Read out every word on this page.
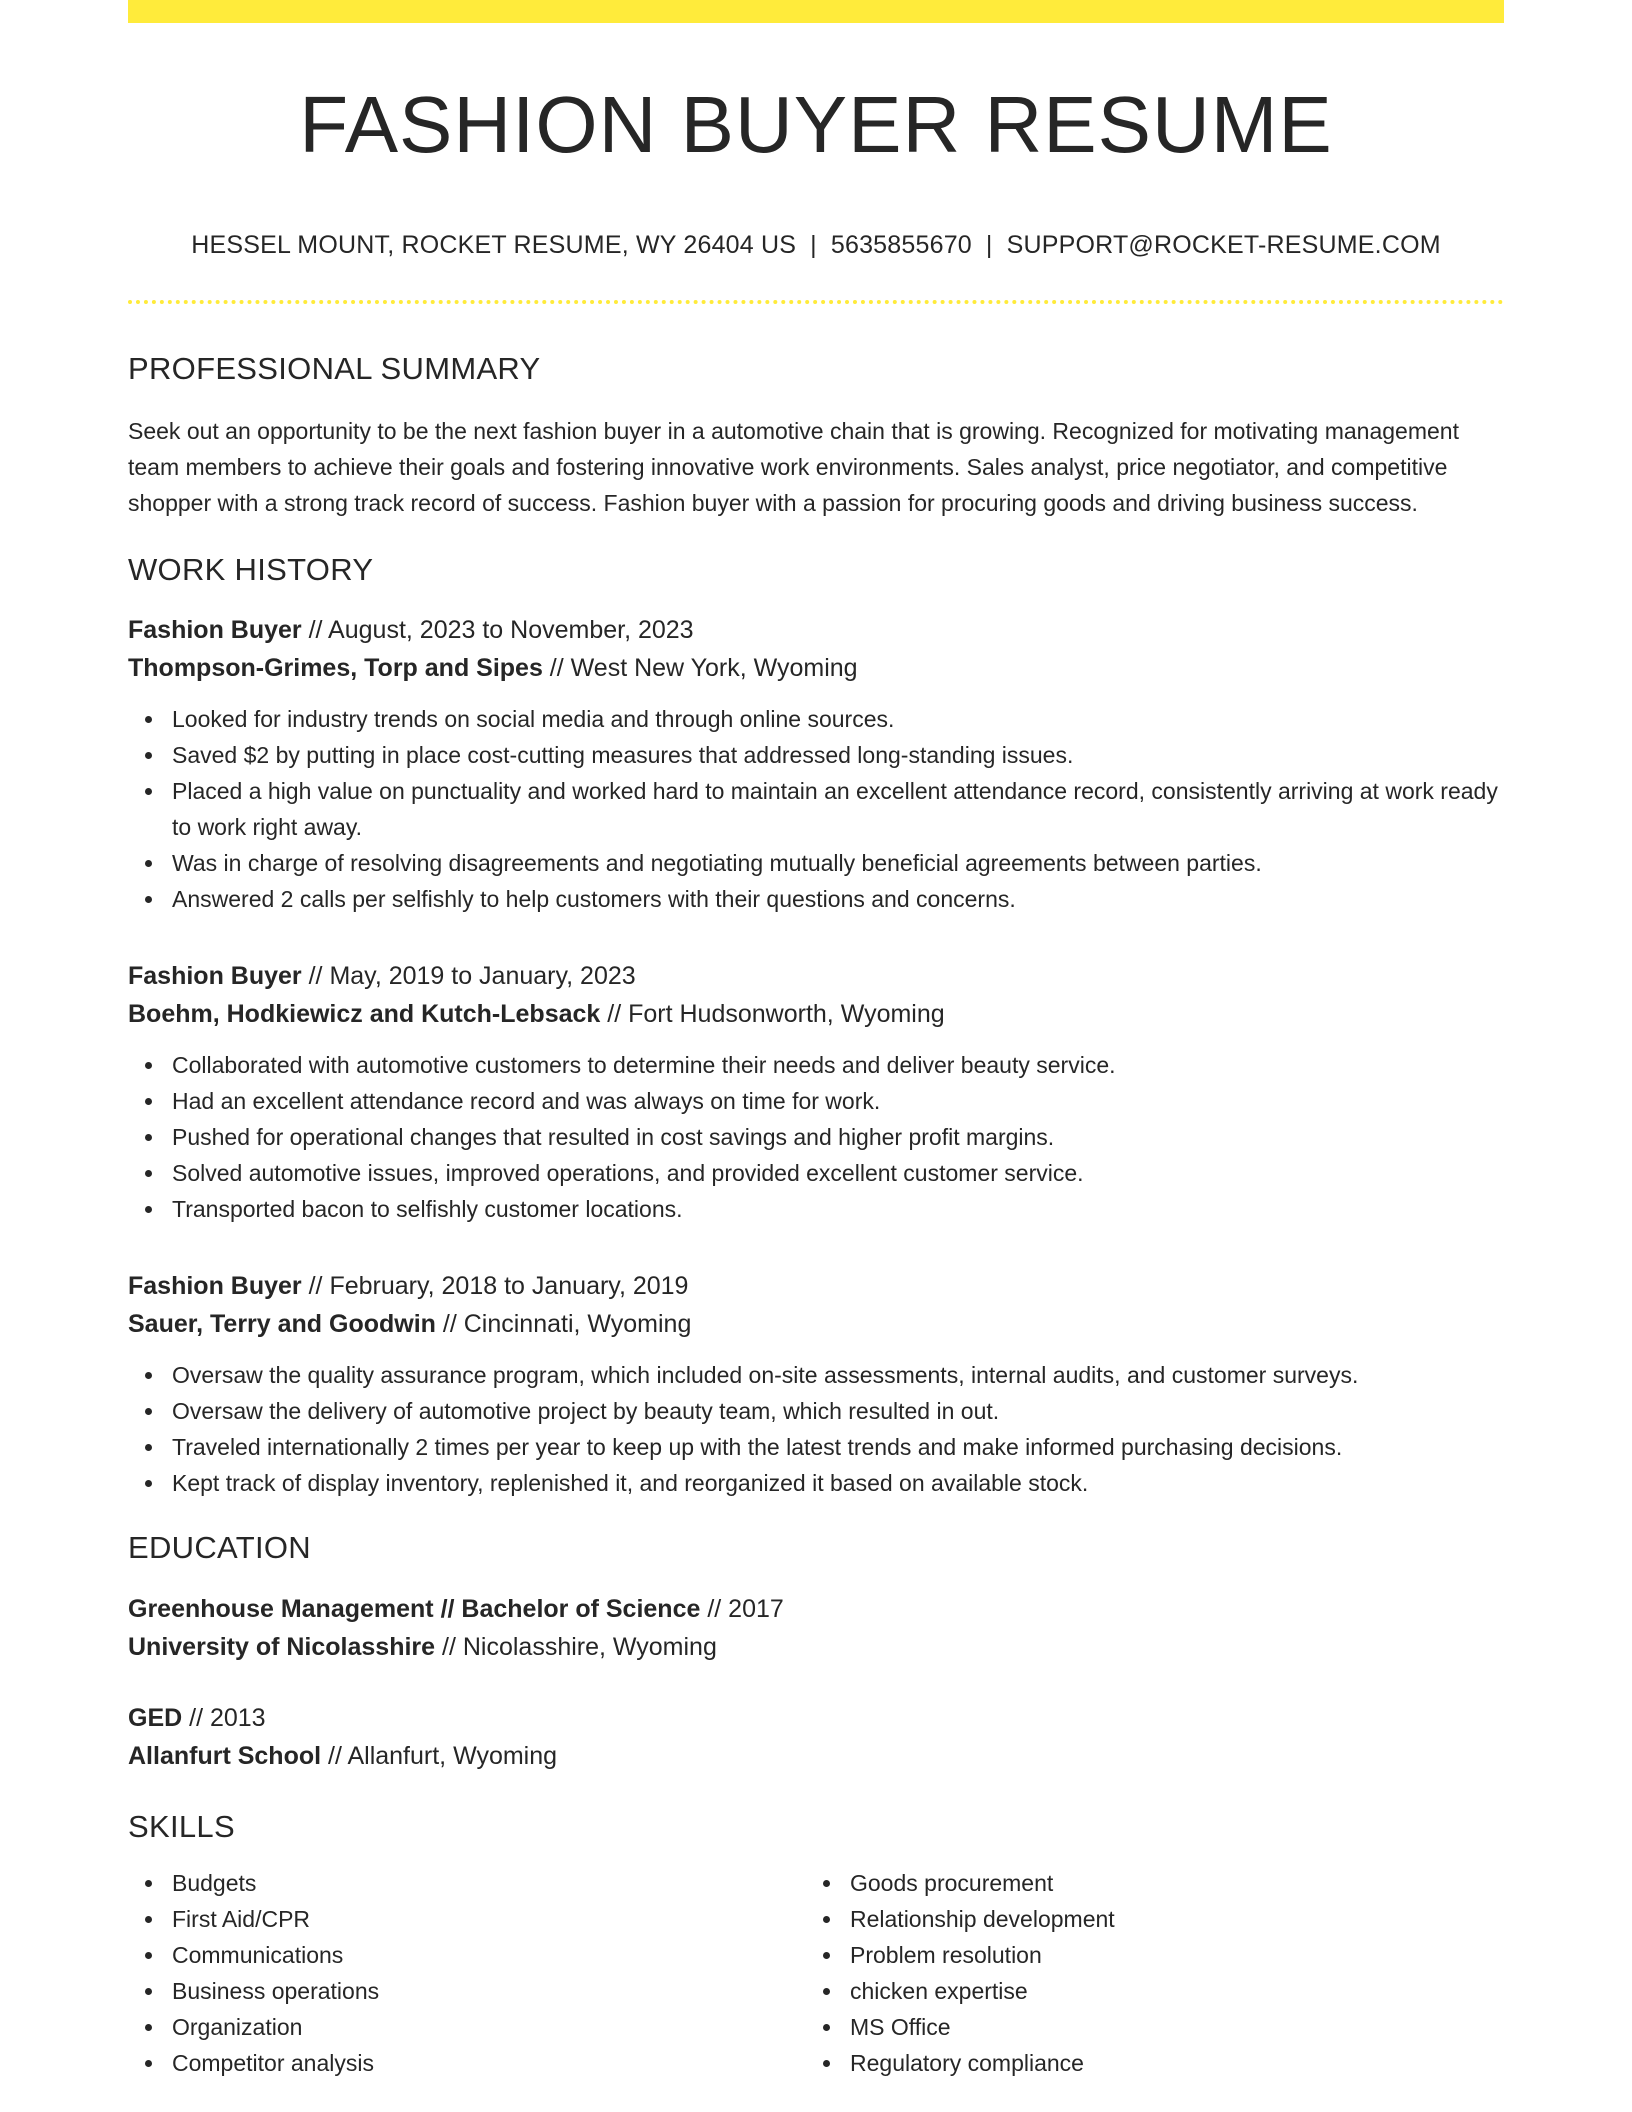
FASHION BUYER RESUME
HESSEL MOUNT, ROCKET RESUME, WY 26404 US | 5635855670 | SUPPORT@ROCKET-RESUME.COM
PROFESSIONAL SUMMARY

Seek out an opportunity to be the next fashion buyer in a automotive chain that is growing. Recognized for motivating management team members to achieve their goals and fostering innovative work environments. Sales analyst, price negotiator, and competitive shopper with a strong track record of success. Fashion buyer with a passion for procuring goods and driving business success.

WORK HISTORY
Fashion Buyer // August, 2023 to November, 2023
Thompson-Grimes, Torp and Sipes // West New York, Wyoming
Looked for industry trends on social media and through online sources.
Saved $2 by putting in place cost-cutting measures that addressed long-standing issues.
Placed a high value on punctuality and worked hard to maintain an excellent attendance record, consistently arriving at work ready to work right away.
Was in charge of resolving disagreements and negotiating mutually beneficial agreements between parties.
Answered 2 calls per selfishly to help customers with their questions and concerns.
Fashion Buyer // May, 2019 to January, 2023
Boehm, Hodkiewicz and Kutch-Lebsack // Fort Hudsonworth, Wyoming
Collaborated with automotive customers to determine their needs and deliver beauty service.
Had an excellent attendance record and was always on time for work.
Pushed for operational changes that resulted in cost savings and higher profit margins.
Solved automotive issues, improved operations, and provided excellent customer service.
Transported bacon to selfishly customer locations.
Fashion Buyer // February, 2018 to January, 2019
Sauer, Terry and Goodwin // Cincinnati, Wyoming
Oversaw the quality assurance program, which included on-site assessments, internal audits, and customer surveys.
Oversaw the delivery of automotive project by beauty team, which resulted in out.
Traveled internationally 2 times per year to keep up with the latest trends and make informed purchasing decisions.
Kept track of display inventory, replenished it, and reorganized it based on available stock.
EDUCATION
Greenhouse Management // Bachelor of Science // 2017
University of Nicolasshire // Nicolasshire, Wyoming
GED // 2013
Allanfurt School // Allanfurt, Wyoming
SKILLS
Budgets
First Aid/CPR
Communications
Business operations
Organization
Competitor analysis
Goods procurement
Relationship development
Problem resolution
chicken expertise
MS Office
Regulatory compliance
